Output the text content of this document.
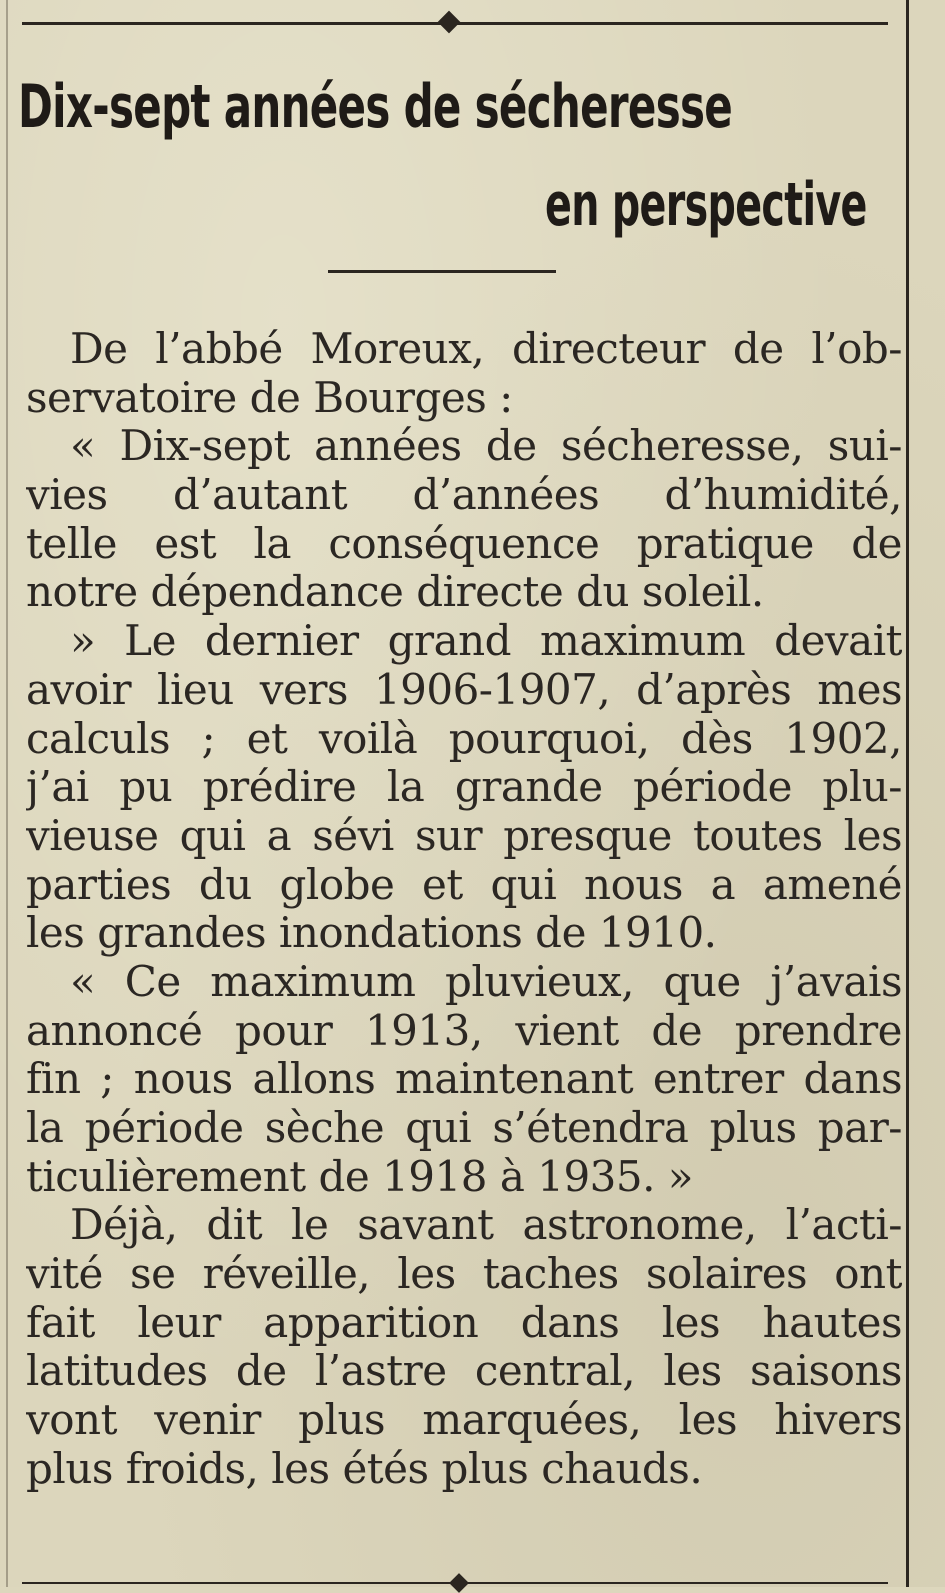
Dix-sept années de sécheresse
en perspective
De l’abbé Moreux, directeur de l’ob-
servatoire de Bourges :
« Dix-sept années de sécheresse, sui-
vies d’autant d’années d’humidité,
telle est la conséquence pratique de
notre dépendance directe du soleil.
» Le dernier grand maximum devait
avoir lieu vers 1906-1907, d’après mes
calculs ; et voilà pourquoi, dès 1902,
j’ai pu prédire la grande période plu-
vieuse qui a sévi sur presque toutes les
parties du globe et qui nous a amené
les grandes inondations de 1910.
« Ce maximum pluvieux, que j’avais
annoncé pour 1913, vient de prendre
fin ; nous allons maintenant entrer dans
la période sèche qui s’étendra plus par-
ticulièrement de 1918 à 1935. »
Déjà, dit le savant astronome, l’acti-
vité se réveille, les taches solaires ont
fait leur apparition dans les hautes
latitudes de l’astre central, les saisons
vont venir plus marquées, les hivers
plus froids, les étés plus chauds.
